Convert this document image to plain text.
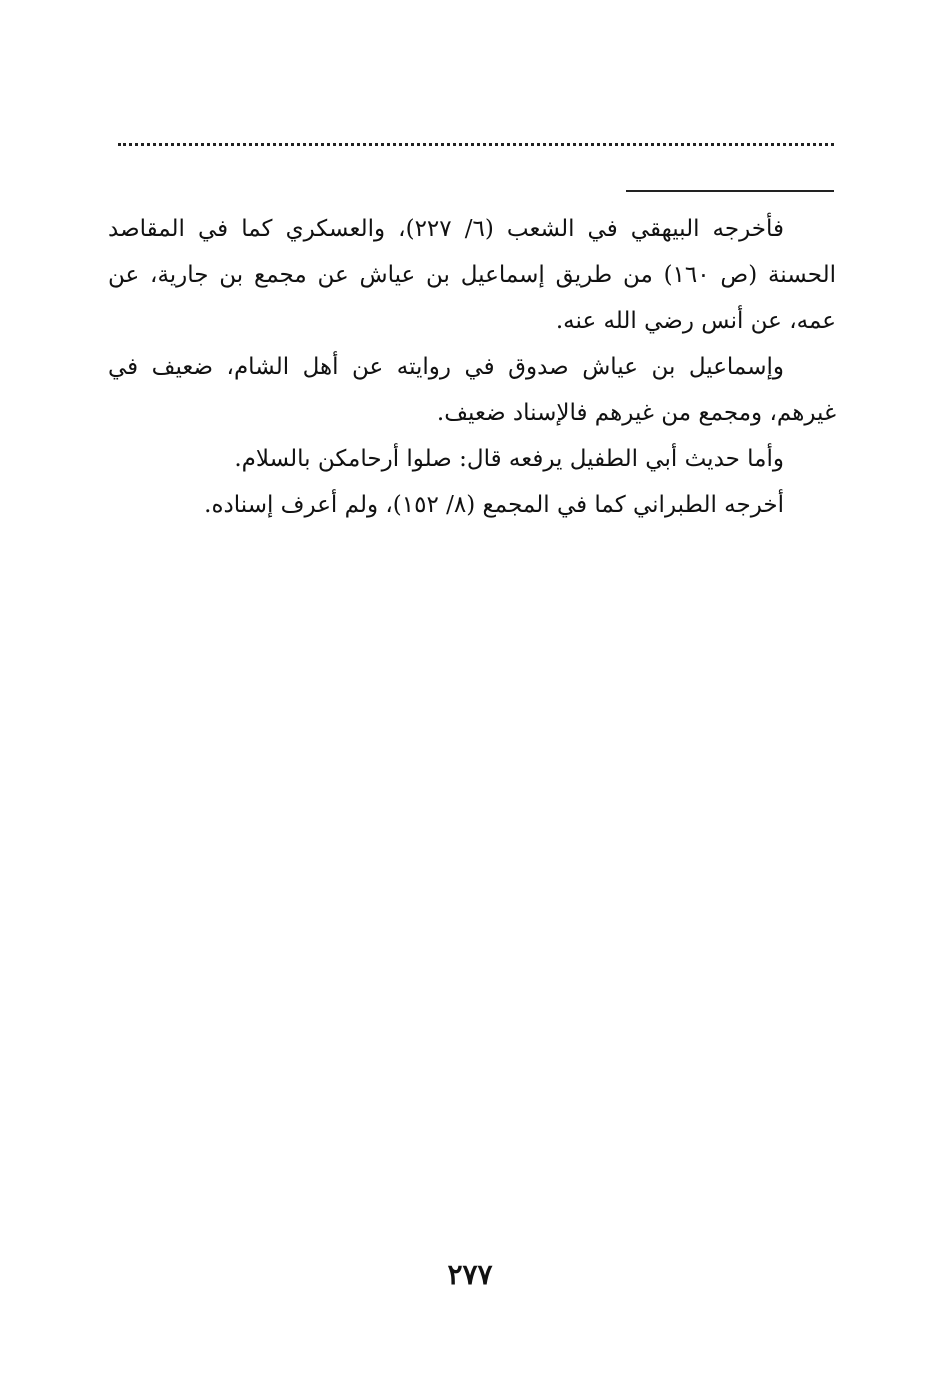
فأخرجه البيهقي في الشعب (٦/ ٢٢٧)، والعسكري كما في المقاصد الحسنة (ص ١٦٠) من طريق إسماعيل بن عياش عن مجمع بن جارية، عن عمه، عن أنس رضي الله عنه.

وإسماعيل بن عياش صدوق في روايته عن أهل الشام، ضعيف في غيرهم، ومجمع من غيرهم فالإسناد ضعيف.

وأما حديث أبي الطفيل يرفعه قال: صلوا أرحامكن بالسلام.

أخرجه الطبراني كما في المجمع (٨/ ١٥٢)، ولم أعرف إسناده.

٢٧٧
